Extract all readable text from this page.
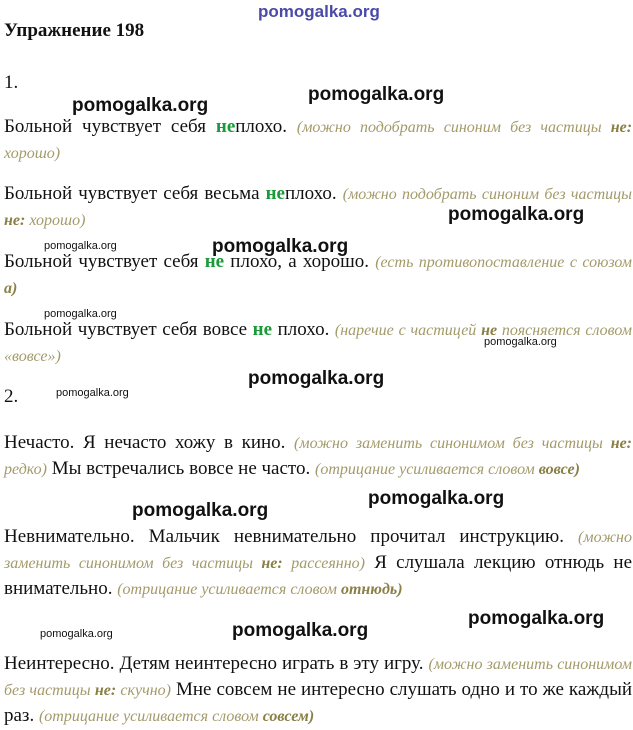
pomogalka.org
pomogalka.org
pomogalka.org
pomogalka.org
pomogalka.org	pomogalka.org
pomogalka.org
pomogalka.org
pomogalka.org
pomogalka.org
pomogalka.org
pomogalka.org
pomogalka.org
pomogalka.org
pomogalka.org
Упражнение 198
1.
Больной чувствует себя неплохо. (можно подобрать синоним без частицы не: хорошо)
Больной чувствует себя весьма неплохо. (можно подобрать синоним без частицы не: хорошо)
Больной чувствует себя не плохо, а хорошо. (есть противопоставление с союзом а)
Больной чувствует себя вовсе не плохо. (наречие с частицей не поясняется словом «вовсе»)
2.
Нечасто. Я нечасто хожу в кино. (можно заменить синонимом без частицы не: редко) Мы встречались вовсе не часто. (отрицание усиливается словом вовсе)
Невнимательно. Мальчик невнимательно прочитал инструкцию. (можно заменить синонимом без частицы не: рассеянно) Я слушала лекцию отнюдь не внимательно. (отрицание усиливается словом отнюдь)
Неинтересно. Детям неинтересно играть в эту игру. (можно заменить синонимом без частицы не: скучно) Мне совсем не интересно слушать одно и то же каждый раз. (отрицание усиливается словом совсем)
